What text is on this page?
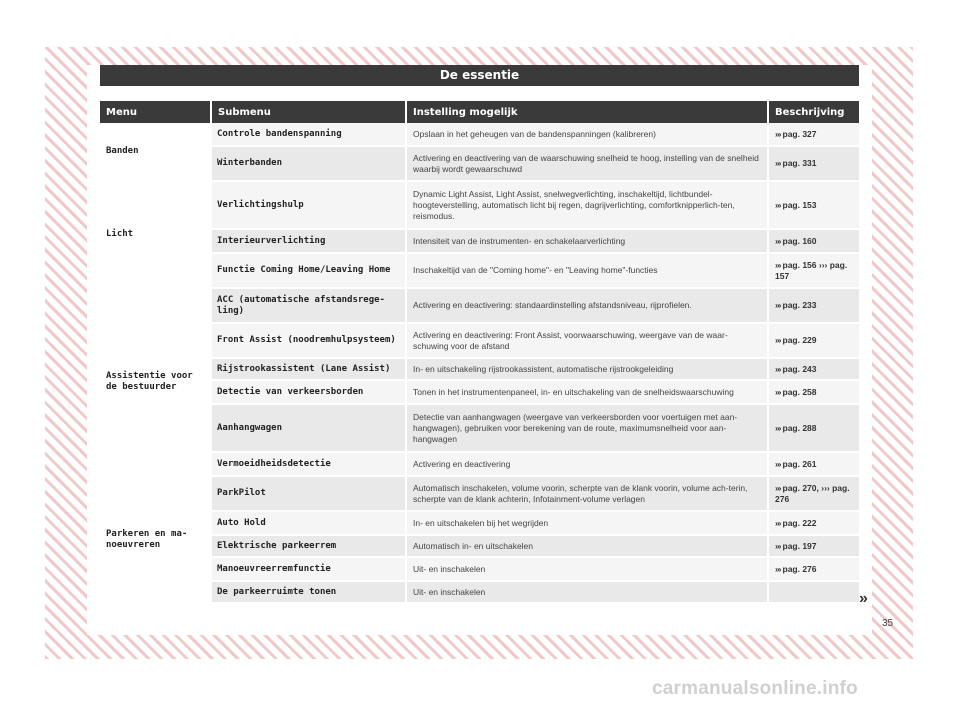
De essentie
Menu	Submenu	Instelling mogelijk	Beschrijving
Banden	Controle bandenspanning	Opslaan in het geheugen van de bandenspanningen (kalibreren)	››› pag. 327
	Winterbanden	Activering en deactivering van de waarschuwing snelheid te hoog, instelling van de snelheid waarbij wordt gewaarschuwd	››› pag. 331
Licht	Verlichtingshulp	Dynamic Light Assist, Light Assist, snelwegverlichting, inschakeltijd, lichtbundel-hoogteverstelling, automatisch licht bij regen, dagrijverlichting, comfortknipperlich-ten, reismodus.	››› pag. 153
	Interieurverlichting	Intensiteit van de instrumenten- en schakelaarverlichting	››› pag. 160
	Functie Coming Home/Leaving Home	Inschakeltijd van de "Coming home"- en "Leaving home"-functies	››› pag. 156 ››› pag. 157
Assistentie voor de bestuurder	ACC (automatische afstandsrege-ling)	Activering en deactivering: standaardinstelling afstandsniveau, rijprofielen.	››› pag. 233
	Front Assist (noodremhulpsysteem)	Activering en deactivering: Front Assist, voorwaarschuwing, weergave van de waar-schuwing voor de afstand	››› pag. 229
	Rijstrookassistent (Lane Assist)	In- en uitschakeling rijstrookassistent, automatische rijstrookgeleiding	››› pag. 243
	Detectie van verkeersborden	Tonen in het instrumentenpaneel, in- en uitschakeling van de snelheidswaarschuwing	››› pag. 258
	Aanhangwagen	Detectie van aanhangwagen (weergave van verkeersborden voor voertuigen met aan-hangwagen), gebruiken voor berekening van de route, maximumsnelheid voor aan-hangwagen	››› pag. 288
	Vermoeidheidsdetectie	Activering en deactivering	››› pag. 261
Parkeren en ma-noeuvreren	ParkPilot	Automatisch inschakelen, volume voorin, scherpte van de klank voorin, volume ach-terin, scherpte van de klank achterin, Infotainment-volume verlagen	››› pag. 270, ››› pag. 276
	Auto Hold	In- en uitschakelen bij het wegrijden	››› pag. 222
	Elektrische parkeerrem	Automatisch in- en uitschakelen	››› pag. 197
	Manoeuvreerremfunctie	Uit- en inschakelen	››› pag. 276
	De parkeerruimte tonen	Uit- en inschakelen		»
35
carmanualsonline.info
